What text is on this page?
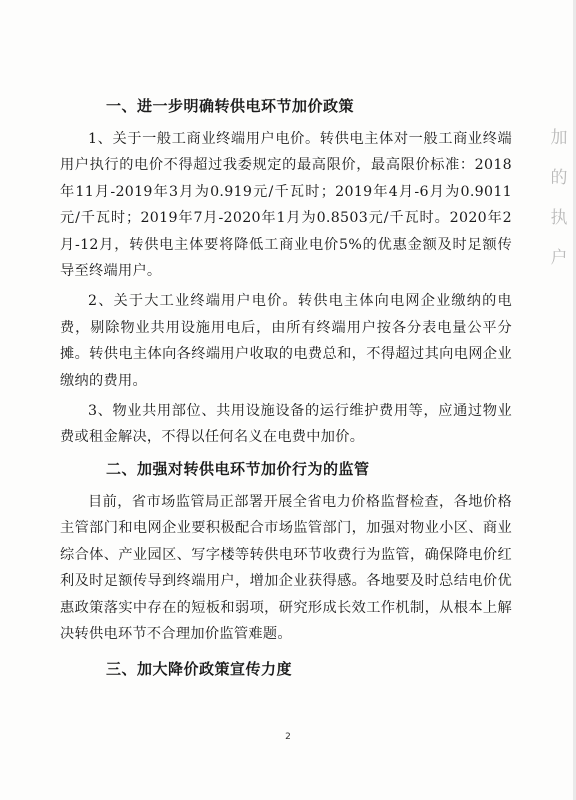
一、进一步明确转供电环节加价政策

1、关于一般工商业终端用户电价。转供电主体对一般工商业终端用户执行的电价不得超过我委规定的最高限价，最高限价标准：2018年11月-2019年3月为0.919元/千瓦时；2019年4月-6月为0.9011元/千瓦时；2019年7月-2020年1月为0.8503元/千瓦时。2020年2月-12月，转供电主体要将降低工商业电价5%的优惠金额及时足额传导至终端用户。

2、关于大工业终端用户电价。转供电主体向电网企业缴纳的电费，剔除物业共用设施用电后，由所有终端用户按各分表电量公平分摊。转供电主体向各终端用户收取的电费总和，不得超过其向电网企业缴纳的费用。

3、物业共用部位、共用设施设备的运行维护费用等，应通过物业费或租金解决，不得以任何名义在电费中加价。

二、加强对转供电环节加价行为的监管

目前，省市场监管局正部署开展全省电力价格监督检查，各地价格主管部门和电网企业要积极配合市场监管部门，加强对物业小区、商业综合体、产业园区、写字楼等转供电环节收费行为监管，确保降电价红利及时足额传导到终端用户，增加企业获得感。各地要及时总结电价优惠政策落实中存在的短板和弱项，研究形成长效工作机制，从根本上解决转供电环节不合理加价监管难题。

三、加大降价政策宣传力度
加
的
执
户
2
